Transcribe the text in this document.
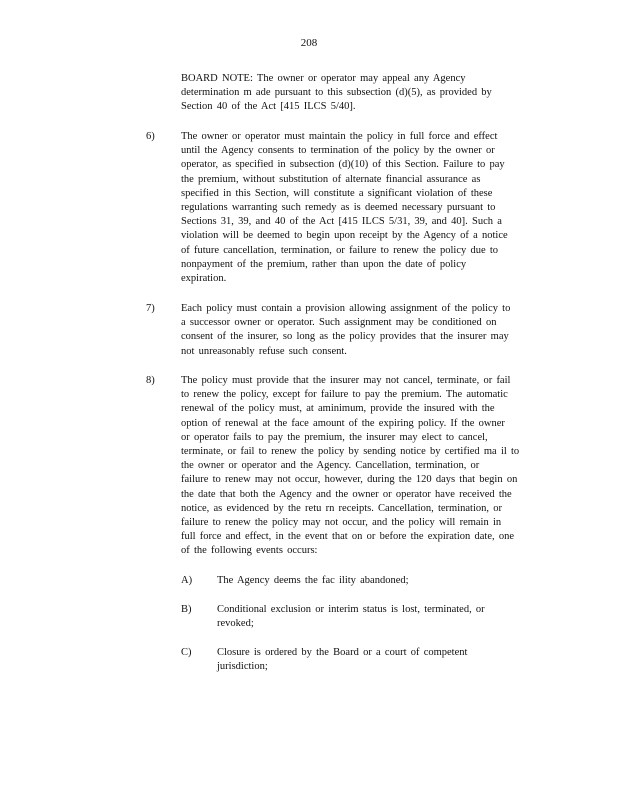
208

BOARD NOTE: The owner or operator may appeal any Agency

determination m ade pursuant to this subsection (d)(5), as provided by

Section 40 of the Act [415 ILCS 5/40].

6)	The owner or operator must maintain the policy in full force and effect

until the Agency consents to termination of the policy by the owner or

operator, as specified in subsection (d)(10) of this Section. Failure to pay

the premium, without substitution of alternate financial assurance as

specified in this Section, will constitute a significant violation of these

regulations warranting such remedy as is deemed necessary pursuant to

Sections 31, 39, and 40 of the Act [415 ILCS 5/31, 39, and 40]. Such a

violation will be deemed to begin upon receipt by the Agency of a notice

of future cancellation, termination, or failure to renew the policy due to

nonpayment of the premium, rather than upon the date of policy

expiration.

7)	Each policy must contain a provision allowing assignment of the policy to

a successor owner or operator. Such assignment may be conditioned on

consent of the insurer, so long as the policy provides that the insurer may

not unreasonably refuse such consent.

8)	The policy must provide that the insurer may not cancel, terminate, or fail

to renew the policy, except for failure to pay the premium. The automatic

renewal of the policy must, at aminimum, provide the insured with the

option of renewal at the face amount of the expiring policy. If the owner

or operator fails to pay the premium, the insurer may elect to cancel,

terminate, or fail to renew the policy by sending notice by certified ma il to

the owner or operator and the Agency. Cancellation, termination, or

failure to renew may not occur, however, during the 120 days that begin on

the date that both the Agency and the owner or operator have received the

notice, as evidenced by the retu rn receipts. Cancellation, termination, or

failure to renew the policy may not occur, and the policy will remain in

full force and effect, in the event that on or before the expiration date, one

of the following events occurs:

A) The Agency deems the fac ility abandoned;

B) Conditional exclusion or interim status is lost, terminated, or

revoked;

C) Closure is ordered by the Board or a court of competent

jurisdiction;
